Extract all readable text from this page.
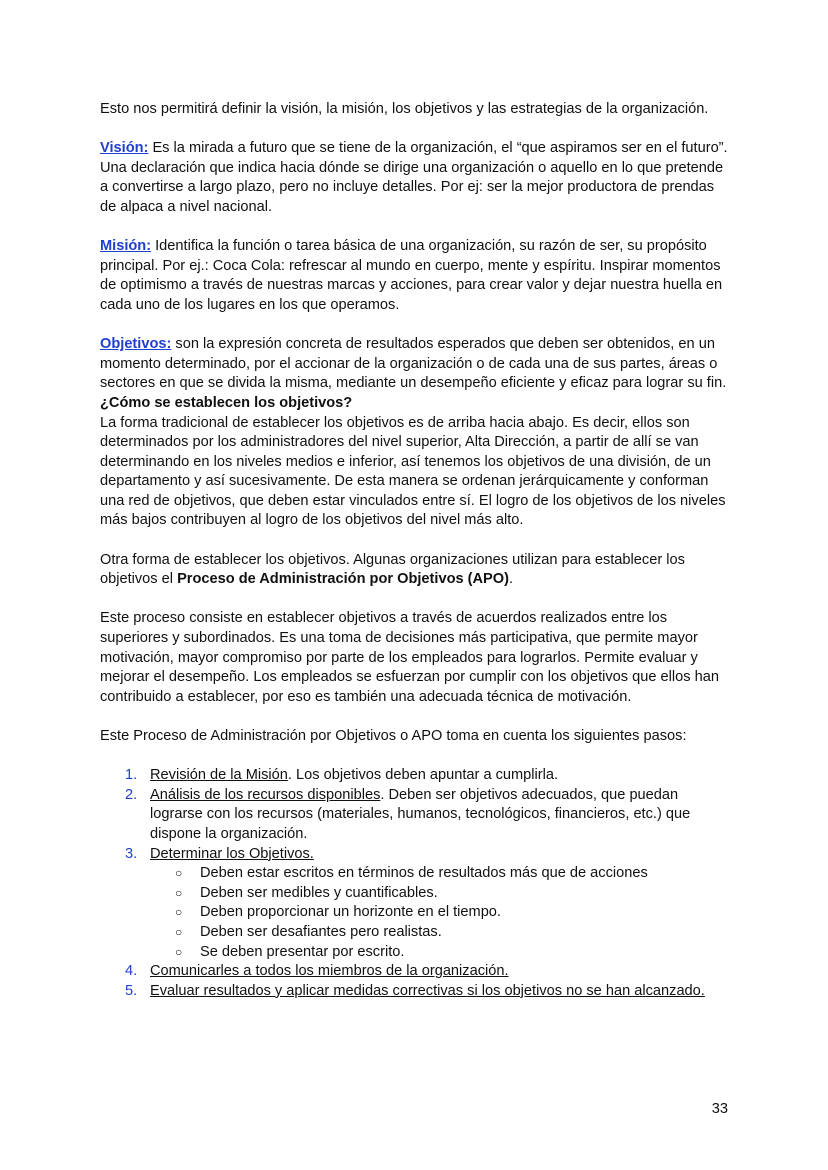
Esto nos permitirá definir la visión, la misión, los objetivos y las estrategias de la organización.

Visión: Es la mirada a futuro que se tiene de la organización, el “que aspiramos ser en el futuro”. Una declaración que indica hacia dónde se dirige una organización o aquello en lo que pretende a convertirse a largo plazo, pero no incluye detalles. Por ej: ser la mejor productora de prendas de alpaca a nivel nacional.

Misión: Identifica la función o tarea básica de una organización, su razón de ser, su propósito principal. Por ej.: Coca Cola: refrescar al mundo en cuerpo, mente y espíritu. Inspirar momentos de optimismo a través de nuestras marcas y acciones, para crear valor y dejar nuestra huella en cada uno de los lugares en los que operamos.

Objetivos: son la expresión concreta de resultados esperados que deben ser obtenidos, en un momento determinado, por el accionar de la organización o de cada una de sus partes, áreas o sectores en que se divida la misma, mediante un desempeño eficiente y eficaz para lograr su fin. ¿Cómo se establecen los objetivos?

La forma tradicional de establecer los objetivos es de arriba hacia abajo. Es decir, ellos son determinados por los administradores del nivel superior, Alta Dirección, a partir de allí se van determinando en los niveles medios e inferior, así tenemos los objetivos de una división, de un departamento y así sucesivamente. De esta manera se ordenan jerárquicamente y conforman una red de objetivos, que deben estar vinculados entre sí. El logro de los objetivos de los niveles más bajos contribuyen al logro de los objetivos del nivel más alto.

Otra forma de establecer los objetivos. Algunas organizaciones utilizan para establecer los objetivos el Proceso de Administración por Objetivos (APO).

Este proceso consiste en establecer objetivos a través de acuerdos realizados entre los superiores y subordinados. Es una toma de decisiones más participativa, que permite mayor motivación, mayor compromiso por parte de los empleados para lograrlos. Permite evaluar y mejorar el desempeño. Los empleados se esfuerzan por cumplir con los objetivos que ellos han contribuido a establecer, por eso es también una adecuada técnica de motivación.

Este Proceso de Administración por Objetivos o APO toma en cuenta los siguientes pasos:

1. Revisión de la Misión. Los objetivos deben apuntar a cumplirla.
2. Análisis de los recursos disponibles. Deben ser objetivos adecuados, que puedan lograrse con los recursos (materiales, humanos, tecnológicos, financieros, etc.) que dispone la organización.
3. Determinar los Objetivos.
○ Deben estar escritos en términos de resultados más que de acciones
○ Deben ser medibles y cuantificables.
○ Deben proporcionar un horizonte en el tiempo.
○ Deben ser desafiantes pero realistas.
○ Se deben presentar por escrito.
4. Comunicarles a todos los miembros de la organización.
5. Evaluar resultados y aplicar medidas correctivas si los objetivos no se han alcanzado.
33
